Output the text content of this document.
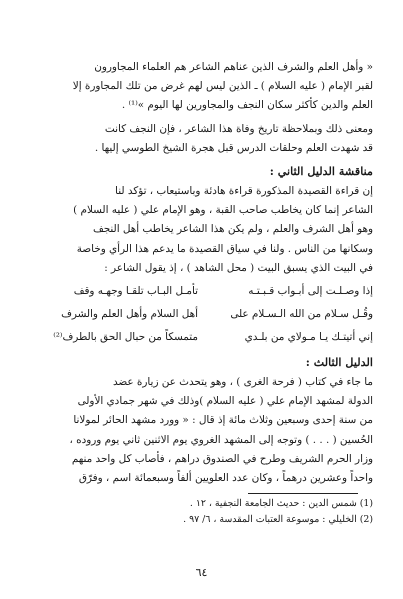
« وأهل العلم والشرف الذين عناهم الشاعر هم العلماء المجاورون
لقبر الإمام ( عليه السلام ) ـ الذين ليس لهم غرض من تلك المجاورة إلا
العلم والدين كأكثر سكان النجف والمجاورين لها اليوم »⁽¹⁾ .

ومعنى ذلك وبملاحظة تاريخ وفاة هذا الشاعر ، فإن النجف كانت
قد شهدت العلم وحلقات الدرس قبل هجرة الشيخ الطوسي إليها .

مناقشة الدليل الثاني :

إن قراءة القصيدة المذكورة قراءة هادئة وباستيعاب ، تؤكد لنا
الشاعر إنما كان يخاطب صاحب القبة ، وهو الإمام علي ( عليه السلام )
وهو أهل الشرف والعلم ، ولم يكن هذا الشاعر يخاطب أهل النجف
وسكانها من الناس . ولنا في سياق القصيدة ما يدعم هذا الرأي وخاصة
في البيت الذي يسبق البيت ( محل الشاهد ) ، إذ يقول الشاعر :

إذا وصـلـت إلى أبـواب قـبـتـه
تأمـل البـاب تلقـا وجهـه وقف
وقُـل سـلام من الله الـسـلام على
أهل السلام وأهل العلم والشرف
إني أتيتـك يـا مـولاي من بلـدي
متمسكاً من حبال الحق بالطرف⁽²⁾
الدليل الثالث :

ما جاء في كتاب ( فرحة الغرى ) ، وهو يتحدث عن زيارة عضد
الدولة لمشهد الإمام علي ( عليه السلام )وذلك في شهر جمادي الأولى
من سنة إحدى وسبعين وثلاث مائة إذ قال : « وورد مشهد الحائر لمولانا
الحُسين ( . . . ) وتوجه إلى المشهد الغروي يوم الاثنين ثاني يوم وروده ،
وزار الحرم الشريف وطرح في الصندوق دراهم ، فأصاب كل واحد منهم
واحداً وعشرين درهماً ، وكان عدد العلويين ألفاً وسبعمائة اسم ، وفرّق

(1) شمس الدين : حديث الجامعة النجفية ، ١٢ .
(2) الخليلي : موسوعة العتبات المقدسة ، ٦/ ٩٧ .
٦٤
